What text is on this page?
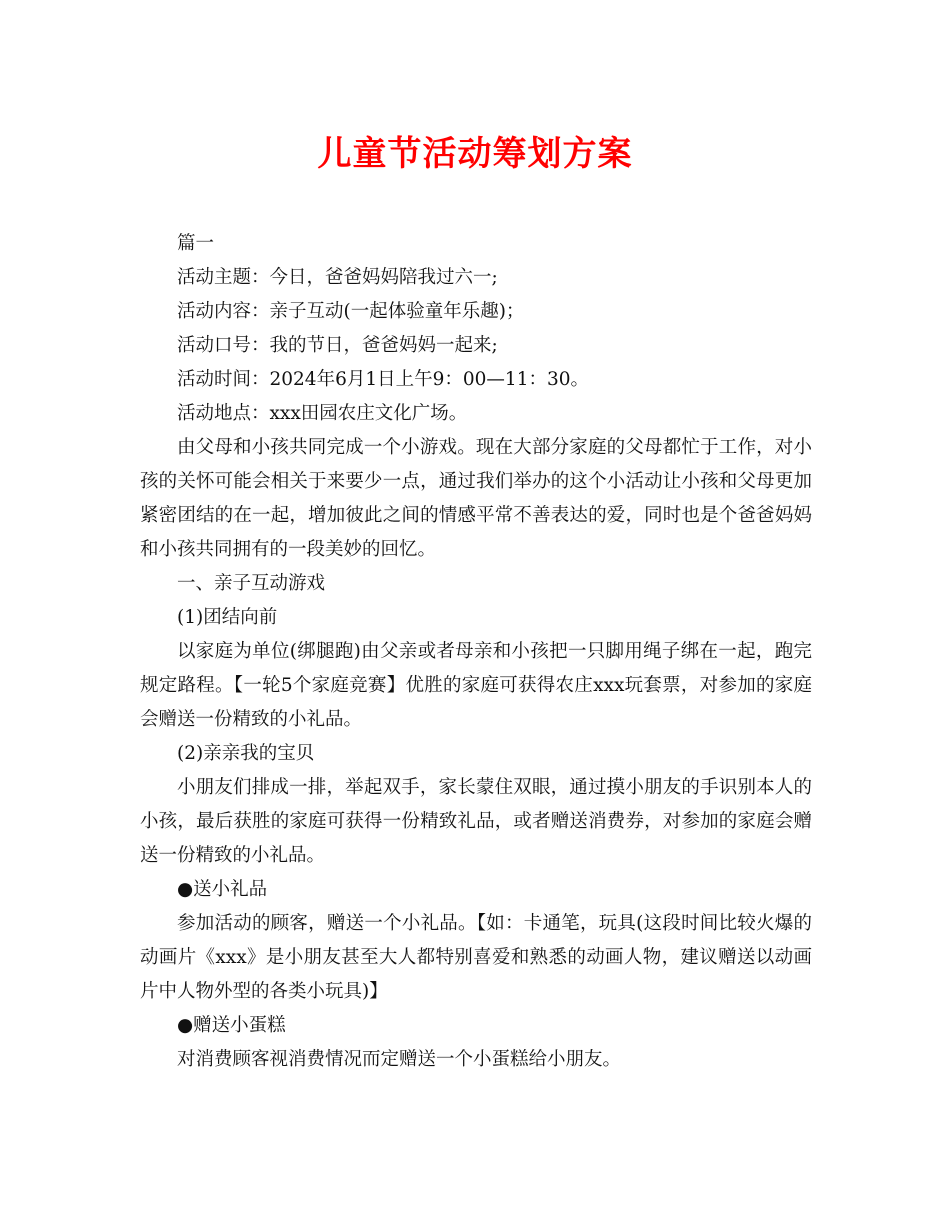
儿童节活动筹划方案

篇一

活动主题：今日，爸爸妈妈陪我过六一;

活动内容：亲子互动(一起体验童年乐趣)；

活动口号：我的节日，爸爸妈妈一起来;

活动时间：2024年6月1日上午9：00—11：30。

活动地点：xxx田园农庄文化广场。

由父母和小孩共同完成一个小游戏。现在大部分家庭的父母都忙于工作，对小孩的关怀可能会相关于来要少一点，通过我们举办的这个小活动让小孩和父母更加紧密团结的在一起，增加彼此之间的情感平常不善表达的爱，同时也是个爸爸妈妈和小孩共同拥有的一段美妙的回忆。

一、亲子互动游戏

(1)团结向前

以家庭为单位(绑腿跑)由父亲或者母亲和小孩把一只脚用绳子绑在一起，跑完规定路程。【一轮5个家庭竞赛】优胜的家庭可获得农庄xxx玩套票，对参加的家庭会赠送一份精致的小礼品。

(2)亲亲我的宝贝

小朋友们排成一排，举起双手，家长蒙住双眼，通过摸小朋友的手识别本人的小孩，最后获胜的家庭可获得一份精致礼品，或者赠送消费券，对参加的家庭会赠送一份精致的小礼品。

●送小礼品

参加活动的顾客，赠送一个小礼品。【如：卡通笔，玩具(这段时间比较火爆的动画片《xxx》是小朋友甚至大人都特别喜爱和熟悉的动画人物，建议赠送以动画片中人物外型的各类小玩具)】

●赠送小蛋糕

对消费顾客视消费情况而定赠送一个小蛋糕给小朋友。
